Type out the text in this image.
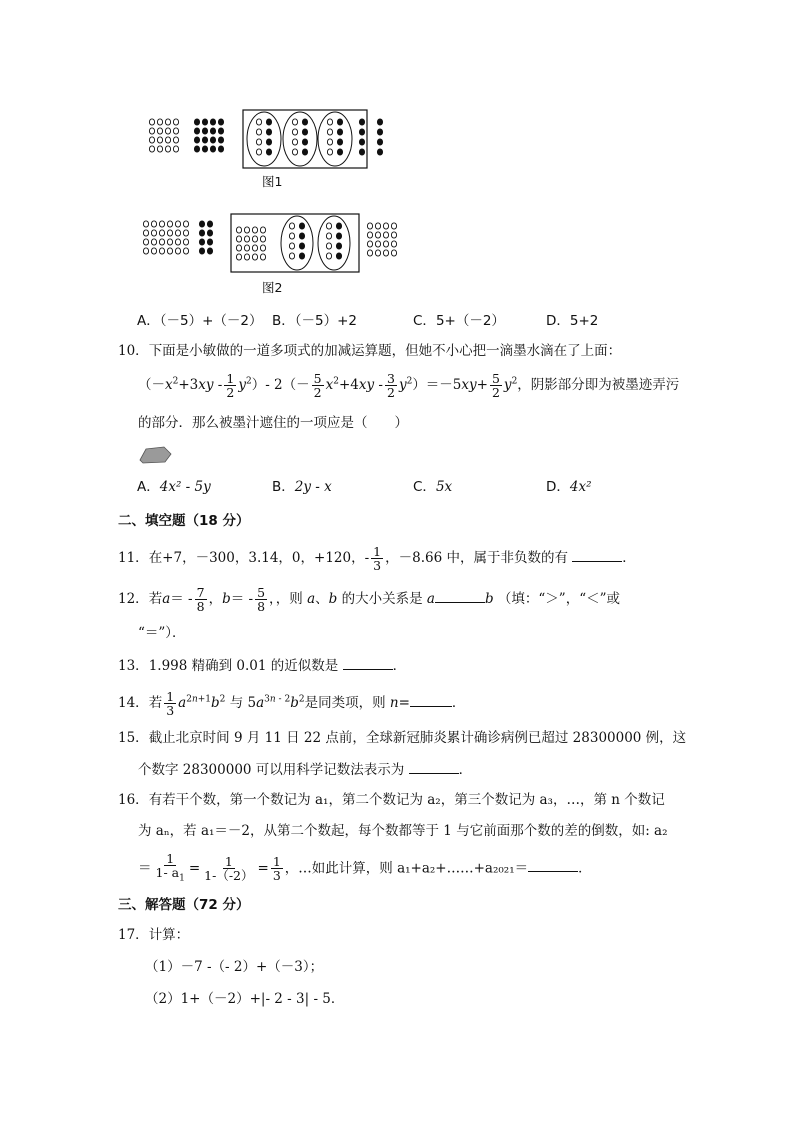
图1
图2
A．（－5）+（－2） B．（－5）+2	C．5+（－2）	D．5+2
10．下面是小敏做的一道多项式的加减运算题，但她不小心把一滴墨水滴在了上面：
$(-x^2+3xy - \frac{1}{2} y^2)-$ $2(- \frac{5}{2} x^2+4xy - \frac{3}{2} y^2)=-5xy+ \frac{5}{2} y^2$，阴影部分即为被墨迹弄污
的部分．那么被墨汁遮住的一项应是（　　）
A．4x² - 5y	B．2y - x	C．5x	D．4x²
二、填空题（18 分）
11．在+7，－300，3.14，0，+120，- $\frac{1}{3}$ ，－8.66 中，属于非负数的有	．
12．若$a= - \frac{7}{8}$ ，$b= - \frac{5}{8}$ ，，则 a、b 的大小关系是 a	b （填：“＞”，“＜”或
“＝”）．
13．1.998 精确到 0.01 的近似数是	．
14．若 $\frac{1}{3} a^{2n+1}b^2$ 与 $5a^{3n - 2}b^2$是同类项，则 n=	．
15．截止北京时间 9 月 11 日 22 点前，全球新冠肺炎累计确诊病例已超过 28300000 例，这
个数字 28300000 可以用科学记数法表示为	．
16．有若干个数，第一个数记为 a₁，第二个数记为 a₂，第三个数记为 a₃，…，第 n 个数记
为 aₙ，若 a₁＝－2，从第二个数起，每个数都等于 1 与它前面那个数的差的倒数，如: a₂
＝ $\frac{1}{1- a_1} = \frac{1}{1-(-2)} = \frac{1}{3}$ ，…如此计算，则 a₁+a₂+……+a₂₀₂₁＝	．
三、解答题（72 分）
17．计算：
（1）－7 -（- 2）+（－3）；
（2）1+（－2）+|- 2 - 3| - 5．
